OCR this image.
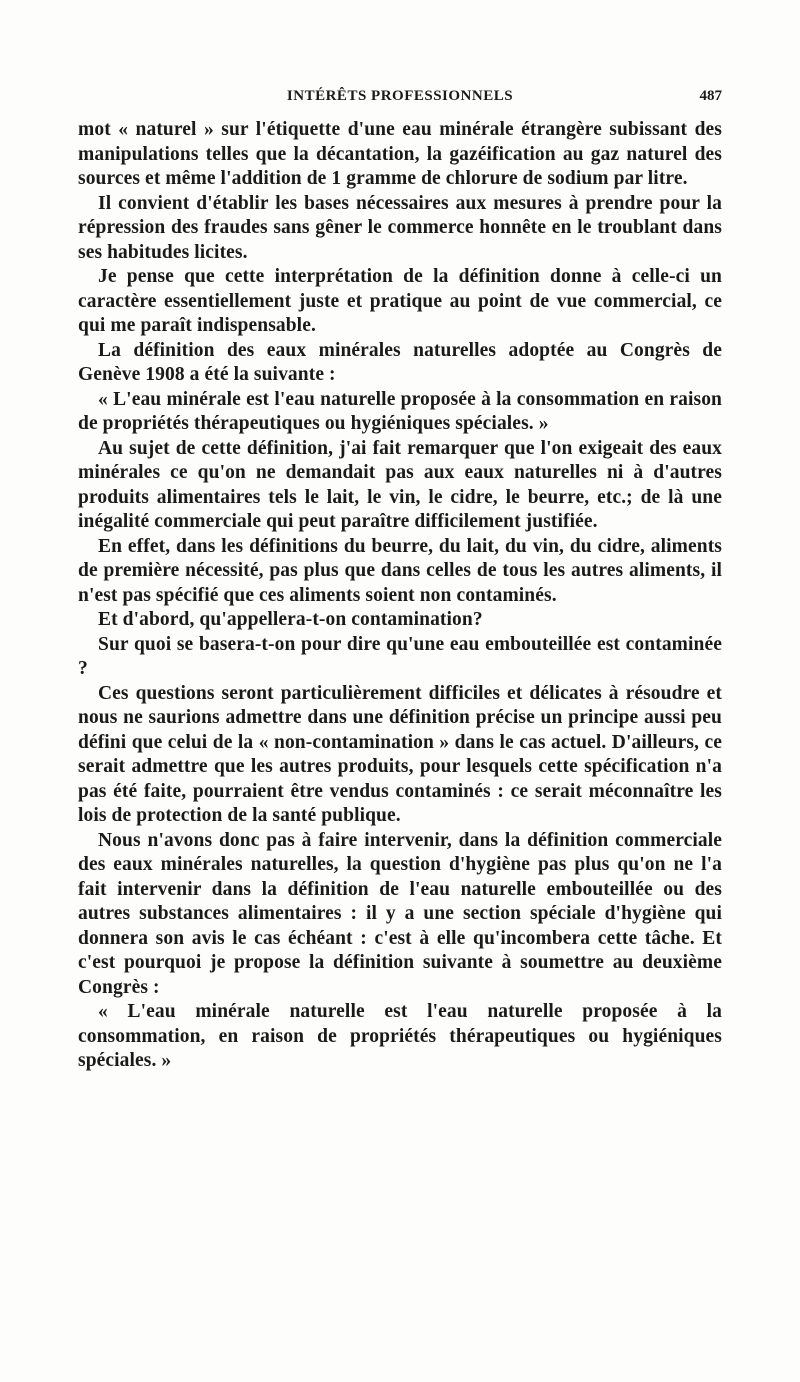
INTÉRÊTS PROFESSIONNELS	487

mot « naturel » sur l'étiquette d'une eau minérale étrangère subissant des manipulations telles que la décantation, la gazéification au gaz naturel des sources et même l'addition de 1 gramme de chlorure de sodium par litre.

Il convient d'établir les bases nécessaires aux mesures à prendre pour la répression des fraudes sans gêner le commerce honnête en le troublant dans ses habitudes licites.

Je pense que cette interprétation de la définition donne à celle-ci un caractère essentiellement juste et pratique au point de vue commercial, ce qui me paraît indispensable.

La définition des eaux minérales naturelles adoptée au Congrès de Genève 1908 a été la suivante :

« L'eau minérale est l'eau naturelle proposée à la consommation en raison de propriétés thérapeutiques ou hygiéniques spéciales. »

Au sujet de cette définition, j'ai fait remarquer que l'on exigeait des eaux minérales ce qu'on ne demandait pas aux eaux naturelles ni à d'autres produits alimentaires tels le lait, le vin, le cidre, le beurre, etc.; de là une inégalité commerciale qui peut paraître difficilement justifiée.

En effet, dans les définitions du beurre, du lait, du vin, du cidre, aliments de première nécessité, pas plus que dans celles de tous les autres aliments, il n'est pas spécifié que ces aliments soient non contaminés.

Et d'abord, qu'appellera-t-on contamination?

Sur quoi se basera-t-on pour dire qu'une eau embouteillée est contaminée ?

Ces questions seront particulièrement difficiles et délicates à résoudre et nous ne saurions admettre dans une définition précise un principe aussi peu défini que celui de la « non-contamination » dans le cas actuel. D'ailleurs, ce serait admettre que les autres produits, pour lesquels cette spécification n'a pas été faite, pourraient être vendus contaminés : ce serait méconnaître les lois de protection de la santé publique.

Nous n'avons donc pas à faire intervenir, dans la définition commerciale des eaux minérales naturelles, la question d'hygiène pas plus qu'on ne l'a fait intervenir dans la définition de l'eau naturelle embouteillée ou des autres substances alimentaires : il y a une section spéciale d'hygiène qui donnera son avis le cas échéant : c'est à elle qu'incombera cette tâche. Et c'est pourquoi je propose la définition suivante à soumettre au deuxième Congrès :

« L'eau minérale naturelle est l'eau naturelle proposée à la consommation, en raison de propriétés thérapeutiques ou hygiéniques spéciales. »
